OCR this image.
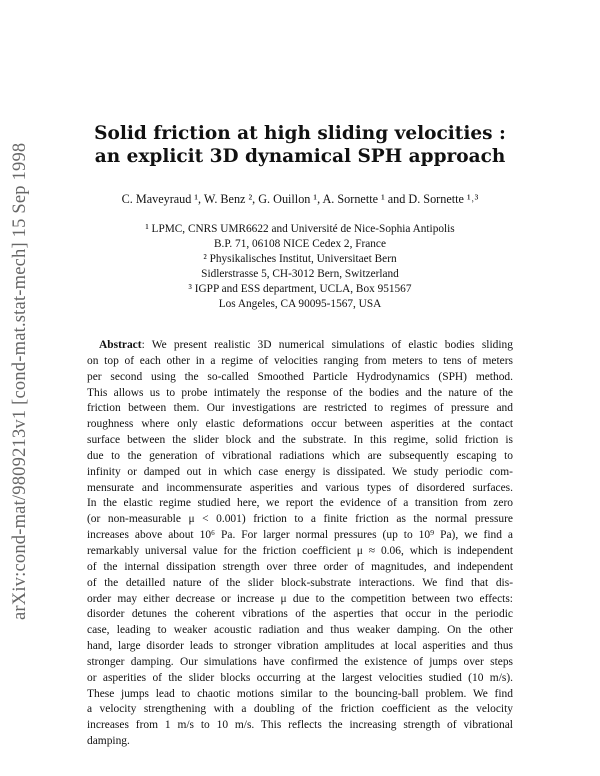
arXiv:cond-mat/9809213v1 [cond-mat.stat-mech] 15 Sep 1998
Solid friction at high sliding velocities :
an explicit 3D dynamical SPH approach
C. Maveyraud ¹, W. Benz ², G. Ouillon ¹, A. Sornette ¹ and D. Sornette ¹˒³
¹ LPMC, CNRS UMR6622 and Université de Nice-Sophia Antipolis
B.P. 71, 06108 NICE Cedex 2, France
² Physikalisches Institut, Universitaet Bern
Sidlerstrasse 5, CH-3012 Bern, Switzerland
³ IGPP and ESS department, UCLA, Box 951567
Los Angeles, CA 90095-1567, USA
Abstract: We present realistic 3D numerical simulations of elastic bodies sliding
on top of each other in a regime of velocities ranging from meters to tens of meters
per second using the so-called Smoothed Particle Hydrodynamics (SPH) method.
This allows us to probe intimately the response of the bodies and the nature of the
friction between them. Our investigations are restricted to regimes of pressure and
roughness where only elastic deformations occur between asperities at the contact
surface between the slider block and the substrate. In this regime, solid friction is
due to the generation of vibrational radiations which are subsequently escaping to
infinity or damped out in which case energy is dissipated. We study periodic com-
mensurate and incommensurate asperities and various types of disordered surfaces.
In the elastic regime studied here, we report the evidence of a transition from zero
(or non-measurable μ < 0.001) friction to a finite friction as the normal pressure
increases above about 10⁶ Pa. For larger normal pressures (up to 10⁹ Pa), we find a
remarkably universal value for the friction coefficient μ ≈ 0.06, which is independent
of the internal dissipation strength over three order of magnitudes, and independent
of the detailled nature of the slider block-substrate interactions. We find that dis-
order may either decrease or increase μ due to the competition between two effects:
disorder detunes the coherent vibrations of the asperties that occur in the periodic
case, leading to weaker acoustic radiation and thus weaker damping. On the other
hand, large disorder leads to stronger vibration amplitudes at local asperities and thus
stronger damping. Our simulations have confirmed the existence of jumps over steps
or asperities of the slider blocks occurring at the largest velocities studied (10 m/s).
These jumps lead to chaotic motions similar to the bouncing-ball problem. We find
a velocity strengthening with a doubling of the friction coefficient as the velocity
increases from 1 m/s to 10 m/s. This reflects the increasing strength of vibrational
damping.
